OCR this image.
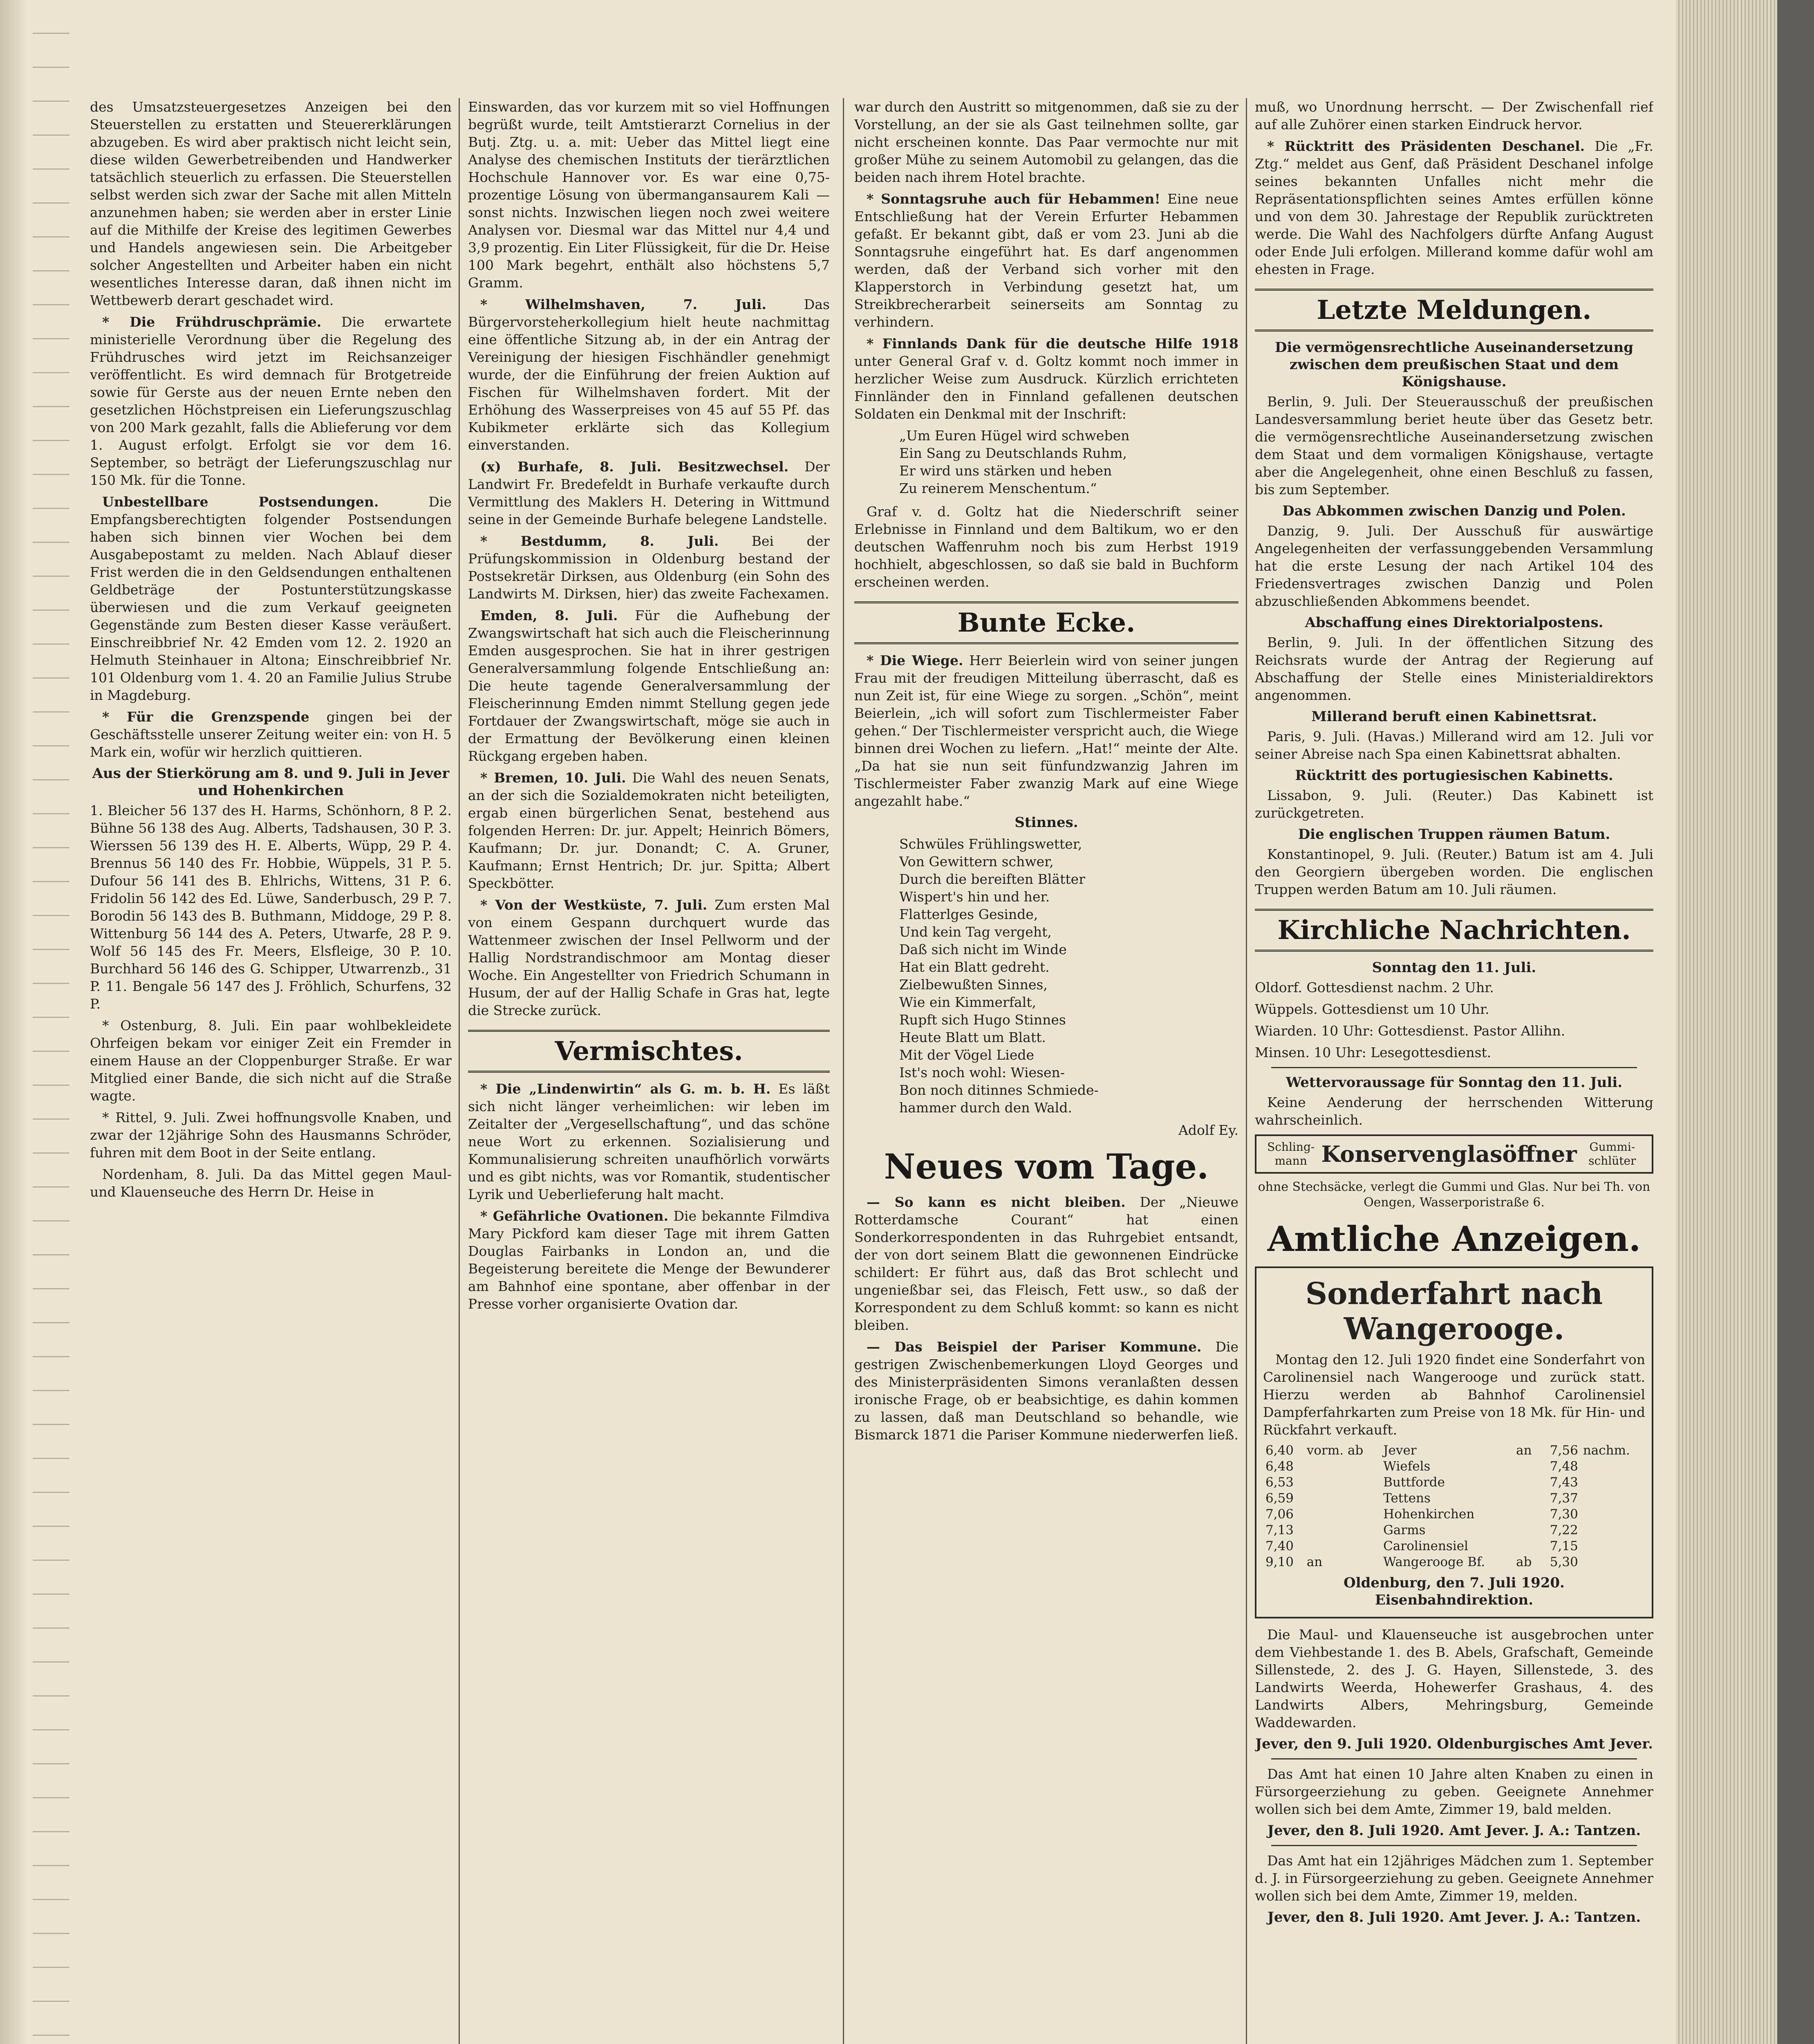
des Umsatzsteuergesetzes Anzeigen bei den Steuerstellen zu erstatten und Steuererklärungen abzugeben. Es wird aber praktisch nicht leicht sein, diese wilden Gewerbetreibenden und Handwerker tatsächlich steuerlich zu erfassen. Die Steuerstellen selbst werden sich zwar der Sache mit allen Mitteln anzunehmen haben; sie werden aber in erster Linie auf die Mithilfe der Kreise des legitimen Gewerbes und Handels angewiesen sein. Die Arbeitgeber solcher Angestellten und Arbeiter haben ein nicht wesentliches Interesse daran, daß ihnen nicht im Wettbewerb derart geschadet wird.

* Die Frühdruschprämie. Die erwartete ministerielle Verordnung über die Regelung des Frühdrusches wird jetzt im Reichsanzeiger veröffentlicht. Es wird demnach für Brotgetreide sowie für Gerste aus der neuen Ernte neben den gesetzlichen Höchstpreisen ein Lieferungszuschlag von 200 Mark gezahlt, falls die Ablieferung vor dem 1. August erfolgt. Erfolgt sie vor dem 16. September, so beträgt der Lieferungszuschlag nur 150 Mk. für die Tonne.

Unbestellbare Postsendungen.	Die Empfangsberechtigten folgender Postsendungen haben sich binnen vier Wochen bei dem Ausgabepostamt zu melden. Nach Ablauf dieser Frist werden die in den Geldsendungen enthaltenen Geldbeträge der Postunterstützungskasse überwiesen und die zum Verkauf geeigneten Gegenstände zum Besten dieser Kasse veräußert. Einschreibbrief Nr. 42 Emden vom 12. 2. 1920 an Helmuth Steinhauer in Altona; Einschreibbrief Nr. 101 Oldenburg vom 1. 4. 20 an Familie Julius Strube in Magdeburg.

* Für die Grenzspende gingen bei der Geschäftsstelle unserer Zeitung weiter ein: von H. 5 Mark ein, wofür wir herzlich quittieren.

Aus der Stierkörung am 8. und 9. Juli in Jever und Hohenkirchen

1. Bleicher 56 137 des H. Harms, Schönhorn, 8 P. 2. Bühne 56 138 des Aug. Alberts, Tadshausen, 30 P. 3. Wierssen 56 139 des H. E. Alberts, Wüpp, 29 P. 4. Brennus 56 140 des Fr. Hobbie, Wüppels, 31 P. 5. Dufour 56 141 des B. Ehlrichs, Wittens, 31 P. 6. Fridolin 56 142 des Ed. Lüwe, Sanderbusch, 29 P. 7. Borodin 56 143 des B. Buthmann, Middoge, 29 P. 8. Wittenburg 56 144 des A. Peters, Utwarfe, 28 P. 9. Wolf 56 145 des Fr. Meers, Elsfleige, 30 P. 10. Burchhard 56 146 des G. Schipper, Utwarrenzb., 31 P. 11. Bengale 56 147 des J. Fröhlich, Schurfens, 32 P.

* Ostenburg, 8. Juli. Ein paar wohlbekleidete Ohrfeigen bekam vor einiger Zeit ein Fremder in einem Hause an der Cloppenburger Straße. Er war Mitglied einer Bande, die sich nicht auf die Straße wagte.

* Rittel, 9. Juli. Zwei hoffnungsvolle Knaben, und zwar der 12jährige Sohn des Hausmanns Schröder, fuhren mit dem Boot in der Seite entlang.

Nordenham, 8. Juli. Da das Mittel gegen Maul- und Klauenseuche des Herrn Dr. Heise in

Einswarden, das vor kurzem mit so viel Hoffnungen begrüßt wurde, teilt Amtstierarzt Cornelius in der Butj. Ztg. u. a. mit: Ueber das Mittel liegt eine Analyse des chemischen Instituts der tierärztlichen Hochschule Hannover vor. Es war eine 0,75-prozentige Lösung von übermangansaurem Kali — sonst nichts. Inzwischen liegen noch zwei weitere Analysen vor. Diesmal war das Mittel nur 4,4 und 3,9 prozentig. Ein Liter Flüssigkeit, für die Dr. Heise 100 Mark begehrt, enthält also höchstens 5,7 Gramm.

* Wilhelmshaven, 7. Juli.	Das Bürgervorsteherkollegium hielt heute nachmittag eine öffentliche Sitzung ab, in der ein Antrag der Vereinigung der hiesigen Fischhändler genehmigt wurde, der die Einführung der freien Auktion auf Fischen für Wilhelmshaven fordert. Mit der Erhöhung des Wasserpreises von 45 auf 55 Pf. das Kubikmeter erklärte sich das Kollegium einverstanden.

(x) Burhafe, 8. Juli. Besitzwechsel. Der Landwirt Fr. Bredefeldt in Burhafe verkaufte durch Vermittlung des Maklers H. Detering in Wittmund seine in der Gemeinde Burhafe belegene Landstelle.

* Bestdumm, 8. Juli. Bei der Prüfungskommission in Oldenburg bestand der Postsekretär Dirksen, aus Oldenburg (ein Sohn des Landwirts M. Dirksen, hier) das zweite Fachexamen.

Emden, 8. Juli. Für die Aufhebung der Zwangswirtschaft hat sich auch die Fleischerinnung Emden ausgesprochen. Sie hat in ihrer gestrigen Generalversammlung folgende Entschließung an: Die heute tagende Generalversammlung der Fleischerinnung Emden nimmt Stellung gegen jede Fortdauer der Zwangswirtschaft, möge sie auch in der Ermattung der Bevölkerung einen kleinen Rückgang ergeben haben.

* Bremen, 10. Juli. Die Wahl des neuen Senats, an der sich die Sozialdemokraten nicht beteiligten, ergab einen bürgerlichen Senat, bestehend aus folgenden Herren: Dr. jur. Appelt; Heinrich Bömers, Kaufmann; Dr. jur. Donandt; C. A. Gruner, Kaufmann; Ernst Hentrich; Dr. jur. Spitta; Albert Speckbötter.

* Von der Westküste, 7. Juli. Zum ersten Mal von einem Gespann durchquert wurde das Wattenmeer zwischen der Insel Pellworm und der Hallig Nordstrandischmoor am Montag dieser Woche. Ein Angestellter von Friedrich Schumann in Husum, der auf der Hallig Schafe in Gras hat, legte die Strecke zurück.

Vermischtes.

* Die „Lindenwirtin“ als G. m. b. H. Es läßt sich nicht länger verheimlichen: wir leben im Zeitalter der „Vergesellschaftung“, und das schöne neue Wort zu erkennen. Sozialisierung und Kommunalisierung schreiten unaufhörlich vorwärts und es gibt nichts, was vor Romantik, studentischer Lyrik und Ueberlieferung halt macht.

* Gefährliche Ovationen. Die bekannte Filmdiva Mary Pickford kam dieser Tage mit ihrem Gatten Douglas Fairbanks in London an, und die Begeisterung bereitete die Menge der Bewunderer am Bahnhof eine spontane, aber offenbar in der Presse vorher organisierte Ovation dar.

war durch den Austritt so mitgenommen, daß sie zu der Vorstellung, an der sie als Gast teilnehmen sollte, gar nicht erscheinen konnte. Das Paar vermochte nur mit großer Mühe zu seinem Automobil zu gelangen, das die beiden nach ihrem Hotel brachte.

* Sonntagsruhe auch für Hebammen! Eine neue Entschließung hat der Verein Erfurter Hebammen gefaßt. Er bekannt gibt, daß er vom 23. Juni ab die Sonntagsruhe eingeführt hat. Es darf angenommen werden, daß der Verband sich vorher mit den Klapperstorch in Verbindung gesetzt hat, um Streikbrecherarbeit seinerseits am Sonntag zu verhindern.

* Finnlands Dank für die deutsche Hilfe 1918 unter General Graf v. d. Goltz kommt noch immer in herzlicher Weise zum Ausdruck. Kürzlich errichteten Finnländer den in Finnland gefallenen deutschen Soldaten ein Denkmal mit der Inschrift:

„Um Euren Hügel wird schweben
Ein Sang zu Deutschlands Ruhm,
Er wird uns stärken und heben
Zu reinerem Menschentum.“

Graf v. d. Goltz hat die Niederschrift seiner Erlebnisse in Finnland und dem Baltikum, wo er den deutschen Waffenruhm noch bis zum Herbst 1919 hochhielt, abgeschlossen, so daß sie bald in Buchform erscheinen werden.

Bunte Ecke.

* Die Wiege. Herr Beierlein wird von seiner jungen Frau mit der freudigen Mitteilung überrascht, daß es nun Zeit ist, für eine Wiege zu sorgen. „Schön“, meint Beierlein, „ich will sofort zum Tischlermeister Faber gehen.“ Der Tischlermeister verspricht auch, die Wiege binnen drei Wochen zu liefern. „Hat!“ meinte der Alte. „Da hat sie nun seit fünfundzwanzig Jahren im Tischlermeister Faber zwanzig Mark auf eine Wiege angezahlt habe.“

Stinnes.
Schwüles Frühlingswetter,
Von Gewittern schwer,
Durch die bereiften Blätter
Wispert's hin und her.
Flatterlges Gesinde,
Und kein Tag vergeht,
Daß sich nicht im Winde
Hat ein Blatt gedreht.
Zielbewußten Sinnes,
Wie ein Kimmerfalt,
Rupft sich Hugo Stinnes
Heute Blatt um Blatt.
Mit der Vögel Liede
Ist's noch wohl: Wiesen-
Bon noch ditinnes Schmiede-
hammer durch den Wald.
Adolf Ey.
Neues vom Tage.

— So kann es nicht bleiben. Der „Nieuwe Rotterdamsche Courant“ hat einen Sonderkorrespondenten in das Ruhrgebiet entsandt, der von dort seinem Blatt die gewonnenen Eindrücke schildert: Er führt aus, daß das Brot schlecht und ungenießbar sei, das Fleisch, Fett usw., so daß der Korrespondent zu dem Schluß kommt: so kann es nicht bleiben.

— Das Beispiel der Pariser Kommune. Die gestrigen Zwischenbemerkungen Lloyd Georges und des Ministerpräsidenten Simons veranlaßten dessen ironische Frage, ob er beabsichtige, es dahin kommen zu lassen, daß man Deutschland so behandle, wie Bismarck 1871 die Pariser Kommune niederwerfen ließ.

muß, wo Unordnung herrscht. — Der Zwischenfall rief auf alle Zuhörer einen starken Eindruck hervor.

* Rücktritt des Präsidenten Deschanel. Die „Fr. Ztg.“ meldet aus Genf, daß Präsident Deschanel infolge seines bekannten Unfalles nicht mehr die Repräsentationspflichten seines Amtes erfüllen könne und von dem 30. Jahrestage der Republik zurücktreten werde. Die Wahl des Nachfolgers dürfte Anfang August oder Ende Juli erfolgen. Millerand komme dafür wohl am ehesten in Frage.

Letzte Meldungen.
Die vermögensrechtliche Auseinandersetzung zwischen dem preußischen Staat und dem Königshause.

Berlin, 9. Juli. Der Steuerausschuß der preußischen Landesversammlung beriet heute über das Gesetz betr. die vermögensrechtliche Auseinandersetzung zwischen dem Staat und dem vormaligen Königshause, vertagte aber die Angelegenheit, ohne einen Beschluß zu fassen, bis zum September.

Das Abkommen zwischen Danzig und Polen.

Danzig, 9. Juli. Der Ausschuß für auswärtige Angelegenheiten der verfassunggebenden Versammlung hat die erste Lesung der nach Artikel 104 des Friedensvertrages zwischen Danzig und Polen abzuschließenden Abkommens beendet.

Abschaffung eines Direktorialpostens.

Berlin, 9. Juli. In der öffentlichen Sitzung des Reichsrats wurde der Antrag der Regierung auf Abschaffung der Stelle eines Ministerialdirektors angenommen.

Millerand beruft einen Kabinettsrat.

Paris, 9. Juli. (Havas.) Millerand wird am 12. Juli vor seiner Abreise nach Spa einen Kabinettsrat abhalten.

Rücktritt des portugiesischen Kabinetts.

Lissabon, 9. Juli. (Reuter.) Das Kabinett ist zurückgetreten.

Die englischen Truppen räumen Batum.

Konstantinopel, 9. Juli. (Reuter.) Batum ist am 4. Juli den Georgiern übergeben worden. Die englischen Truppen werden Batum am 10. Juli räumen.

Kirchliche Nachrichten.
Sonntag den 11. Juli.

Oldorf. Gottesdienst nachm. 2 Uhr.

Wüppels. Gottesdienst um 10 Uhr.

Wiarden. 10 Uhr: Gottesdienst. Pastor Allihn.

Minsen. 10 Uhr: Lesegottesdienst.

Wettervoraussage für Sonntag den 11. Juli.

Keine Aenderung der herrschenden Witterung wahrscheinlich.

Schling-mann Konservenglasöffner	Gummi-schlüter
ohne Stechsäcke, verlegt die Gummi und Glas. Nur bei Th. von Oengen, Wasserporistraße 6.
Amtliche Anzeigen.
Sonderfahrt nach Wangerooge.

Montag den 12. Juli 1920 findet eine Sonderfahrt von Carolinensiel nach Wangerooge und zurück statt. Hierzu werden ab Bahnhof Carolinensiel Dampferfahrkarten zum Preise von 18 Mk. für Hin- und Rückfahrt verkauft.

6,40	vorm. ab	Jever	an	7,56	nachm.
6,48		Wiefels		7,48	
6,53		Buttforde		7,43	
6,59		Tettens		7,37	
7,06		Hohenkirchen		7,30	
7,13		Garms		7,22	
7,40		Carolinensiel		7,15	
9,10	an	Wangerooge Bf.	ab	5,30	
Oldenburg, den 7. Juli 1920. Eisenbahndirektion.

Die Maul- und Klauenseuche ist ausgebrochen unter dem Viehbestande 1. des B. Abels, Grafschaft, Gemeinde Sillenstede, 2. des J. G. Hayen, Sillenstede, 3. des Landwirts Weerda, Hohewerfer Grashaus, 4. des Landwirts Albers, Mehringsburg, Gemeinde Waddewarden.

Jever, den 9. Juli 1920. Oldenburgisches Amt Jever.

Das Amt hat einen 10 Jahre alten Knaben zu einen in Fürsorgeerziehung zu geben. Geeignete Annehmer wollen sich bei dem Amte, Zimmer 19, bald melden.

Jever, den 8. Juli 1920. Amt Jever. J. A.: Tantzen.

Das Amt hat ein 12jähriges Mädchen zum 1. September d. J. in Fürsorgeerziehung zu geben. Geeignete Annehmer wollen sich bei dem Amte, Zimmer 19, melden.

Jever, den 8. Juli 1920. Amt Jever. J. A.: Tantzen.
